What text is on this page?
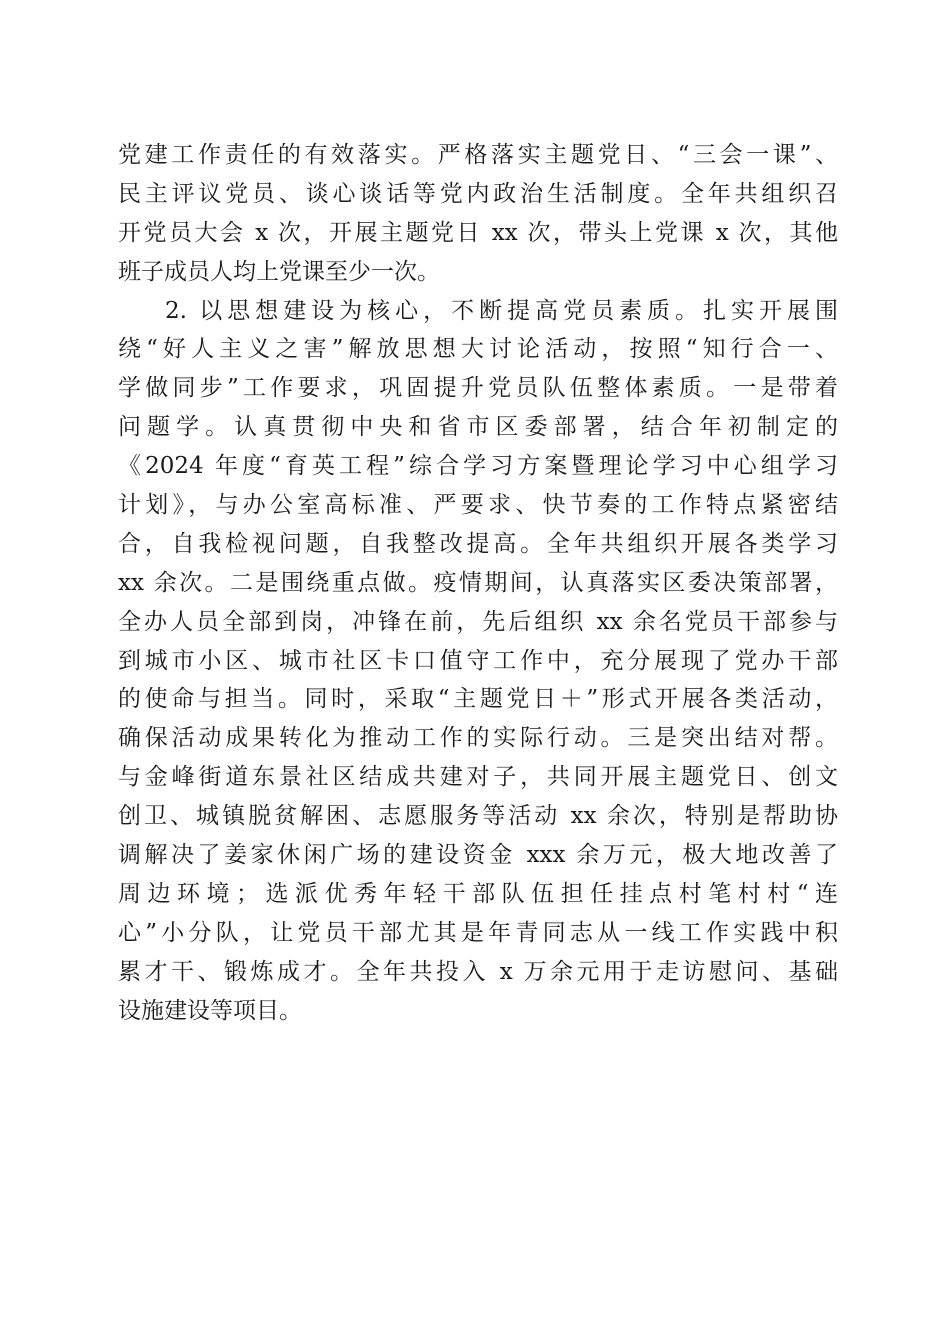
党建工作责任的有效落实。严格落实主题党日、“三会一课”、
民主评议党员、谈心谈话等党内政治生活制度。全年共组织召
开党员大会 x 次，开展主题党日 xx 次，带头上党课 x 次，其他
班子成员人均上党课至少一次。
2. 以思想建设为核心，不断提高党员素质。扎实开展围
绕“好人主义之害”解放思想大讨论活动，按照“知行合一、
学做同步”工作要求，巩固提升党员队伍整体素质。一是带着
问题学。认真贯彻中央和省市区委部署，结合年初制定的
《2024 年度“育英工程”综合学习方案暨理论学习中心组学习
计划》，与办公室高标准、严要求、快节奏的工作特点紧密结
合，自我检视问题，自我整改提高。全年共组织开展各类学习
xx 余次。二是围绕重点做。疫情期间，认真落实区委决策部署，
全办人员全部到岗，冲锋在前，先后组织 xx 余名党员干部参与
到城市小区、城市社区卡口值守工作中，充分展现了党办干部
的使命与担当。同时，采取“主题党日＋”形式开展各类活动，
确保活动成果转化为推动工作的实际行动。三是突出结对帮。
与金峰街道东景社区结成共建对子，共同开展主题党日、创文
创卫、城镇脱贫解困、志愿服务等活动 xx 余次，特别是帮助协
调解决了姜家休闲广场的建设资金 xxx 余万元，极大地改善了
周边环境；选派优秀年轻干部队伍担任挂点村笔村村“连
心”小分队，让党员干部尤其是年青同志从一线工作实践中积
累才干、锻炼成才。全年共投入 x 万余元用于走访慰问、基础
设施建设等项目。
